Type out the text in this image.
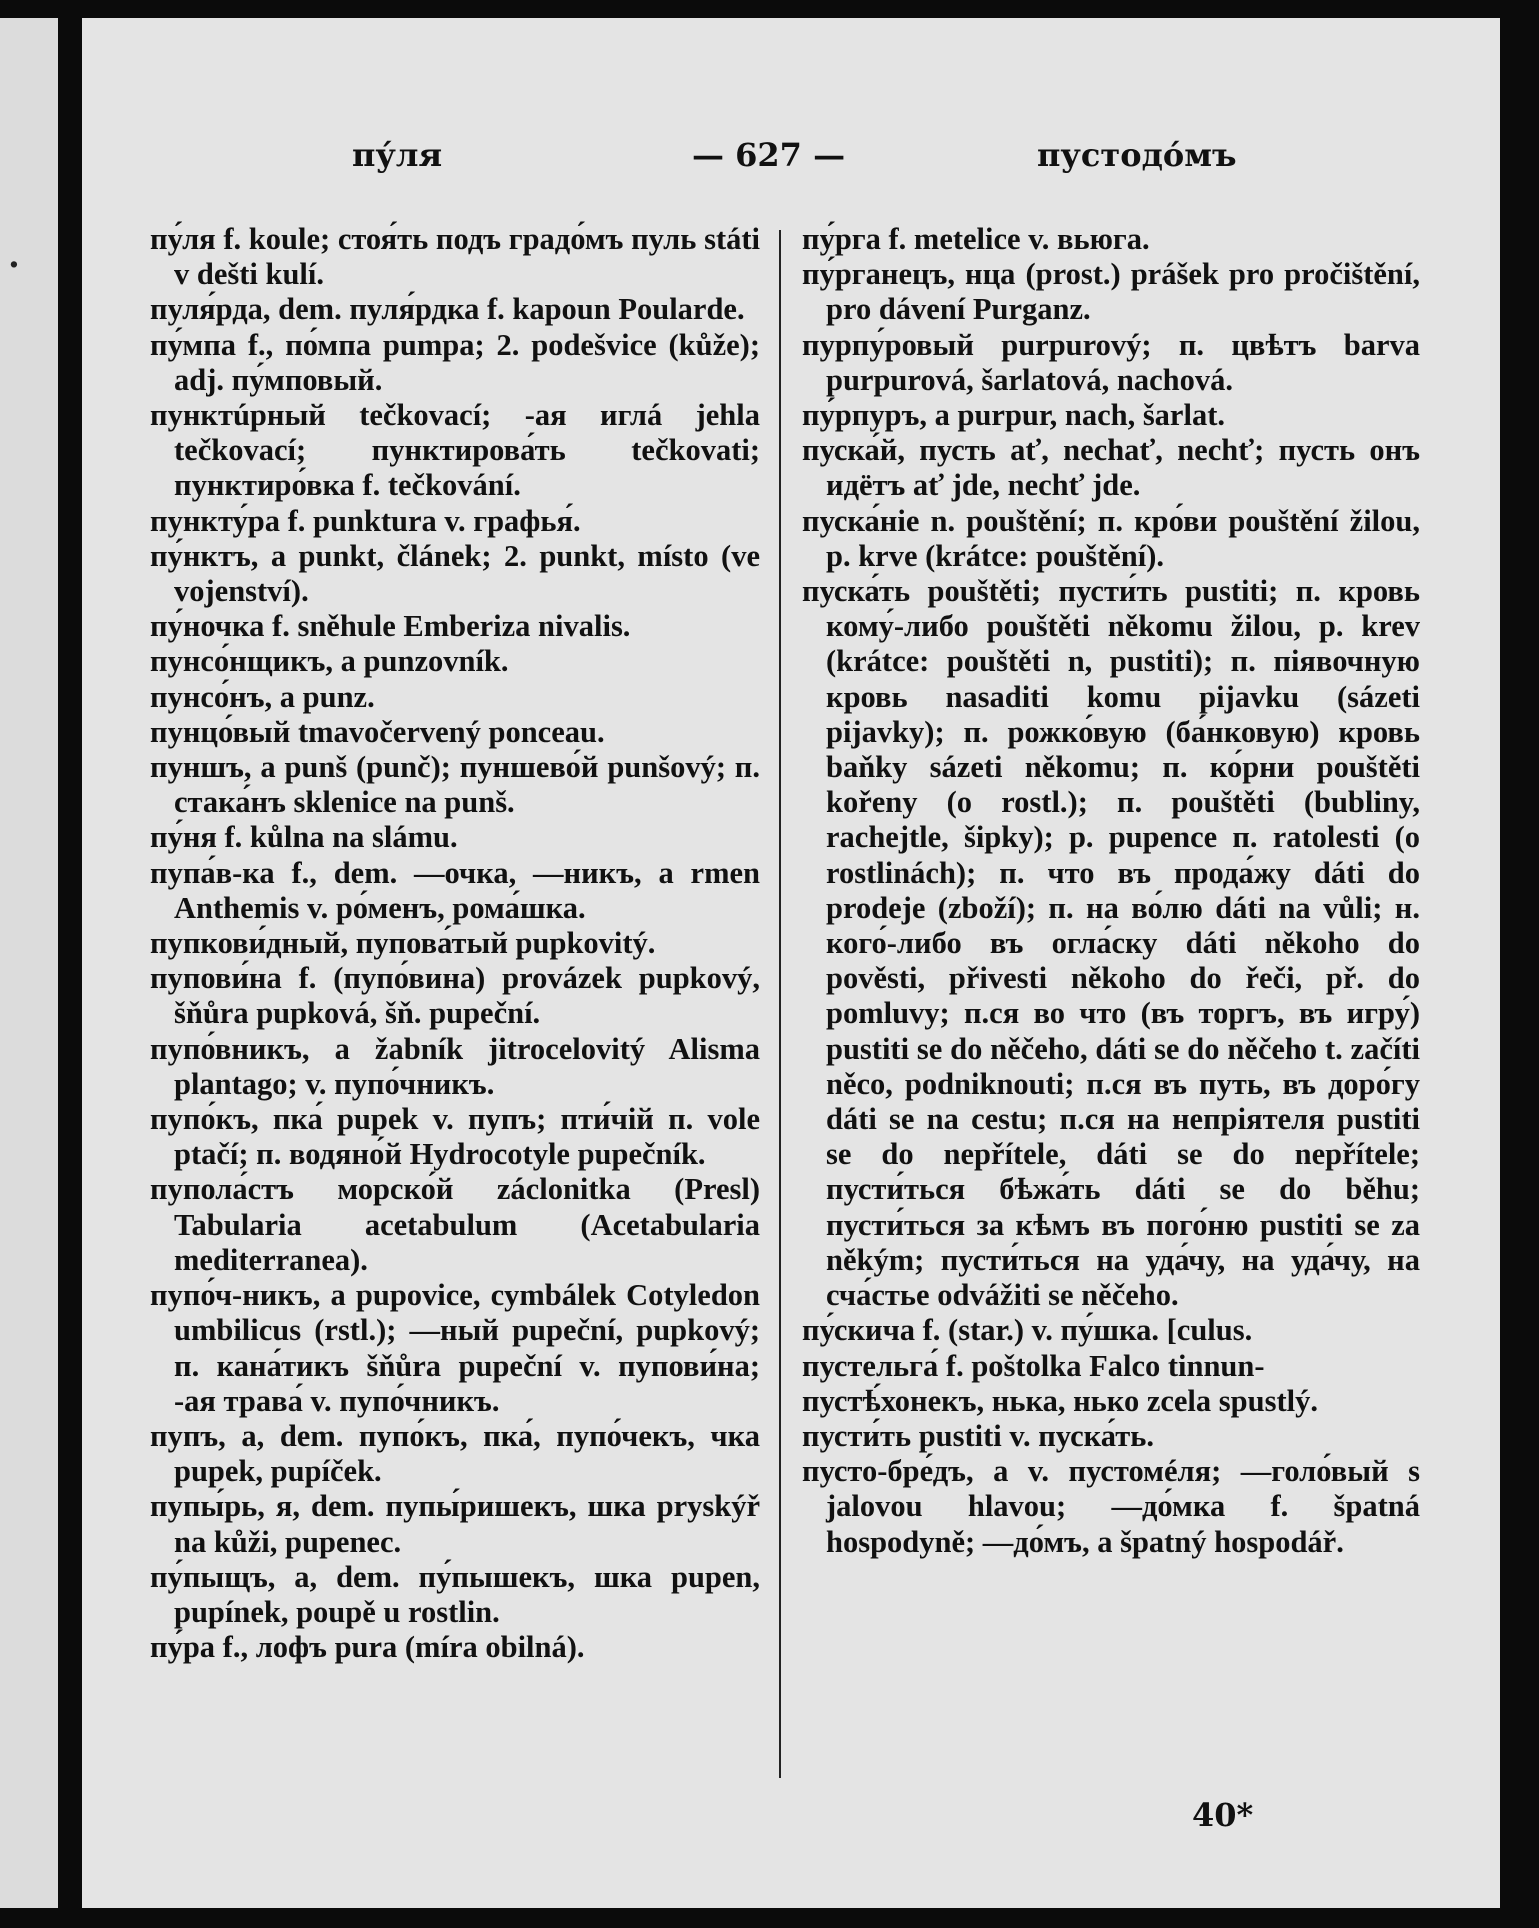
.
пу́ля	— 627 —	пустодо́мъ

пу́ля f. koule; стоя́ть подъ градо́мъ пуль státi v dešti kulí.

пуля́рда, dem. пуля́рдка f. kapoun Poularde.

пу́мпа f., по́мпа pumpa; 2. podešvice (kůže); adj. пу́мповый.

пунктúрный tečkovací; -ая иглá jehla tečkovací; пунктирова́ть tečkovati; пунктиро́вка f. tečkování.

пункту́ра f. punktura v. графья́.

пу́нктъ, а punkt, článek; 2. punkt, místo (ve vojenství).

пу́ночка f. sněhule Emberiza nivalis.

пунсо́нщикъ, а punzovník.

пунсо́нъ, а punz.

пунцо́вый tmavočervený ponceau.

пуншъ, а punš (punč); пуншево́й punšový; п. стака́нъ sklenice na punš.

пу́ня f. kůlna na slámu.

пупа́в-ка f., dem. —очка, —никъ, а rmen Anthemis v. ро́менъ, рома́шка.

пупкови́дный, пупова́тый pupkovitý.

пупови́на f. (пупо́вина) provázek pupkový, šňůra pupková, šň. pupeční.

пупо́вникъ, а žabník jitrocelovitý Alisma plantago; v. пупо́чникъ.

пупо́къ, пка́ pupek v. пупъ; пти́чій п. vole ptačí; п. водяно́й Hydrocotyle pupečník.

пупола́стъ морско́й záclonitka (Presl) Tabularia acetabulum (Acetabularia mediterranea).

пупо́ч-никъ, а pupovice, cymbálek Cotyledon umbilicus (rstl.); —ный pupeční, pupkový; п. кана́тикъ šňůra pupeční v. пупови́на; -ая трава́ v. пупо́чникъ.

пупъ, а, dem. пупо́къ, пка́, пупо́чекъ, чка pupek, pupíček.

пупы́рь, я, dem. пупы́ришекъ, шка pryskýř na kůži, pupenec.

пу́пыщъ, а, dem. пу́пышекъ, шка pupen, pupínek, poupě u rostlin.

пу́ра f., лофъ pura (míra obilná).

пу́рга f. metelice v. вьюга.

пу́рганецъ, нца (prost.) prášek pro pročištění, pro dávení Purganz.

пурпу́ровый purpurový; п. цвѣтъ barva purpurová, šarlatová, nachová.

пу́рпуръ, а purpur, nach, šarlat.

пуска́й, пусть ať, nechať, nechť; пусть онъ идётъ ať jde, nechť jde.

пуска́ніе n. pouštění; п. кро́ви pouštění žilou, p. krve (krátce: pouštění).

пуска́ть pouštěti; пусти́ть pustiti; п. кровь кому́-либо pouštěti někomu žilou, p. krev (krátce: pouštěti n, pustiti); п. піявочную кровь nasaditi komu pijavku (sázeti pijavky); п. рожко́вую (ба́нковую) кровь baňky sázeti někomu; п. ко́рни pouštěti kořeny (o rostl.); п. pouštěti (bubliny, rachejtle, šipky); p. pupence п. ratolesti (o rostlinách); п. что въ прода́жу dáti do prodeje (zboží); п. на во́лю dáti na vůli; н. кого́-либо въ огла́ску dáti někoho do pověsti, přivesti někoho do řeči, př. do pomluvy; п.ся во что (въ торгъ, въ игру́) pustiti se do něčeho, dáti se do něčeho t. začíti něco, podniknouti; п.ся въ путь, въ доро́гу dáti se na cestu; п.ся на непріятеля pustiti se do nepřítele, dáti se do nepřítele; пусти́ться бѣжа́ть dáti se do běhu; пусти́ться за кѣмъ въ пого́ню pustiti se za někým; пусти́ться на уда́чу, на уда́чу, на сча́стье odvážiti se něčeho.

пу́скича f. (star.) v. пу́шка. [culus.

пустельга́ f. poštolka Falco tinnun-

пустѣ́хонекъ, нька, нько zcela spustlý.

пусти́ть pustiti v. пуска́ть.

пусто-бре́дъ, а v. пустомéля; —голо́вый s jalovou hlavou; —до́мка f. špatná hospodyně; —до́мъ, а špatný hospodář.

40*
